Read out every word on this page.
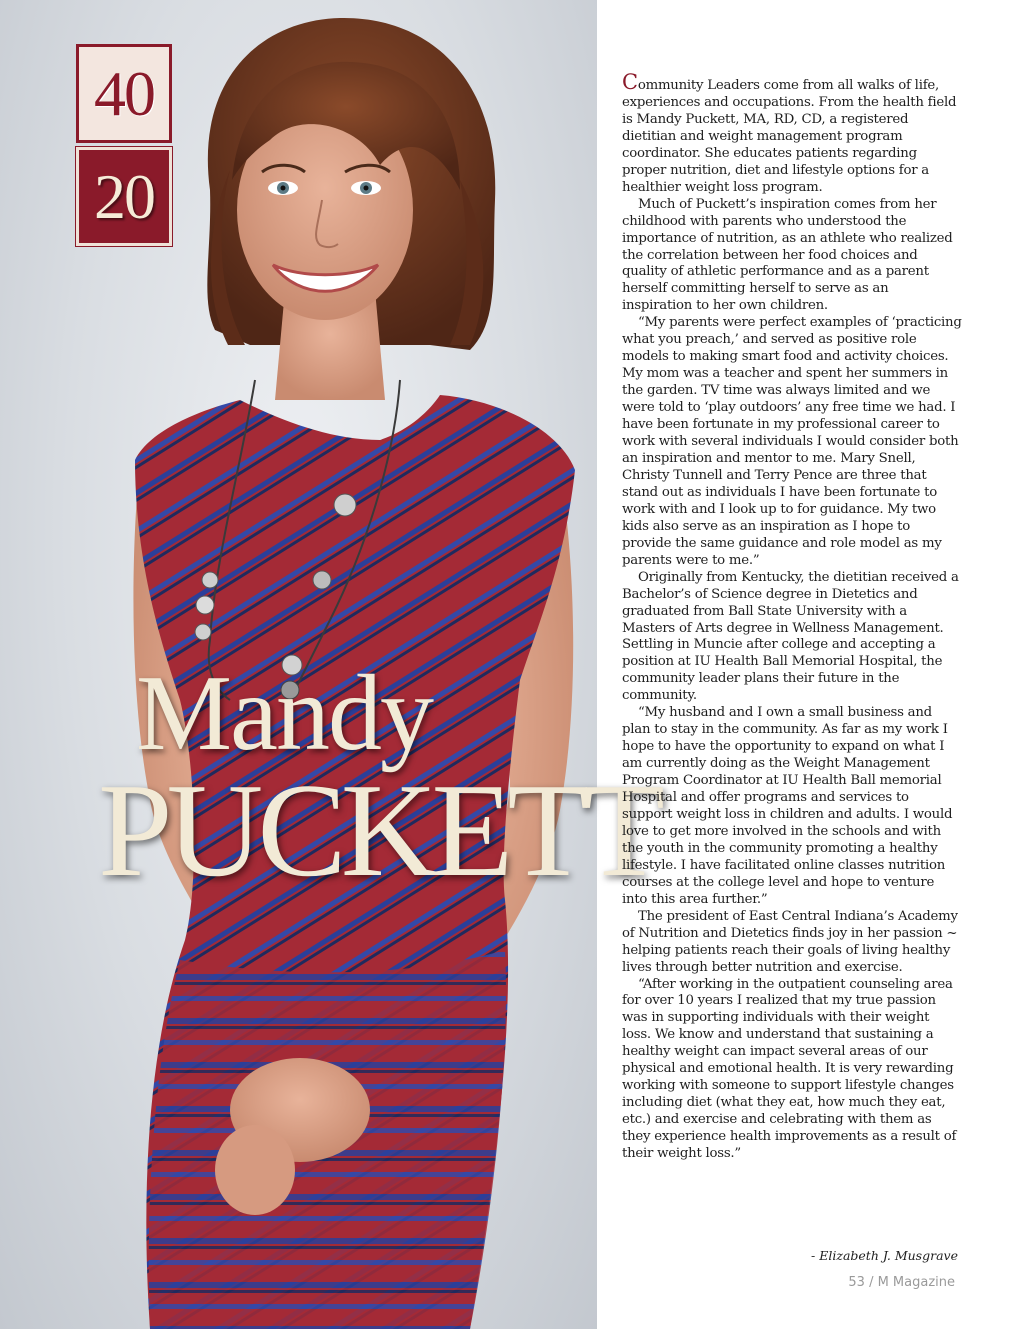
40
20
Mandy
PUCKETT

Community Leaders come from all walks of life, experiences and occupations. From the health field is Mandy Puckett, MA, RD, CD, a registered dietitian and weight management program coordinator. She educates patients regarding proper nutrition, diet and lifestyle options for a healthier weight loss program.

Much of Puckett’s inspiration comes from her childhood with parents who understood the importance of nutrition, as an athlete who realized the correlation between her food choices and quality of athletic performance and as a parent herself committing herself to serve as an inspiration to her own children.

“My parents were perfect examples of ‘practicing what you preach,’ and served as positive role models to making smart food and activity choices. My mom was a teacher and spent her summers in the garden. TV time was always limited and we were told to ‘play outdoors’ any free time we had. I have been fortunate in my professional career to work with several individuals I would consider both an inspiration and mentor to me. Mary Snell, Christy Tunnell and Terry Pence are three that stand out as individuals I have been fortunate to work with and I look up to for guidance. My two kids also serve as an inspiration as I hope to provide the same guidance and role model as my parents were to me.”

Originally from Kentucky, the dietitian received a Bachelor’s of Science degree in Dietetics and graduated from Ball State University with a Masters of Arts degree in Wellness Management. Settling in Muncie after college and accepting a position at IU Health Ball Memorial Hospital, the community leader plans their future in the community.

“My husband and I own a small business and plan to stay in the community. As far as my work I hope to have the opportunity to expand on what I am currently doing as the Weight Management Program Coordinator at IU Health Ball memorial Hospital and offer programs and services to support weight loss in children and adults. I would love to get more involved in the schools and with the youth in the community promoting a healthy lifestyle. I have facilitated online classes nutrition courses at the college level and hope to venture into this area further.”

The president of East Central Indiana’s Academy of Nutrition and Dietetics finds joy in her passion ~ helping patients reach their goals of living healthy lives through better nutrition and exercise.

“After working in the outpatient counseling area for over 10 years I realized that my true passion was in supporting individuals with their weight loss. We know and understand that sustaining a healthy weight can impact several areas of our physical and emotional health. It is very rewarding working with someone to support lifestyle changes including diet (what they eat, how much they eat, etc.) and exercise and celebrating with them as they experience health improvements as a result of their weight loss.”

- Elizabeth J. Musgrave
53 / M Magazine
